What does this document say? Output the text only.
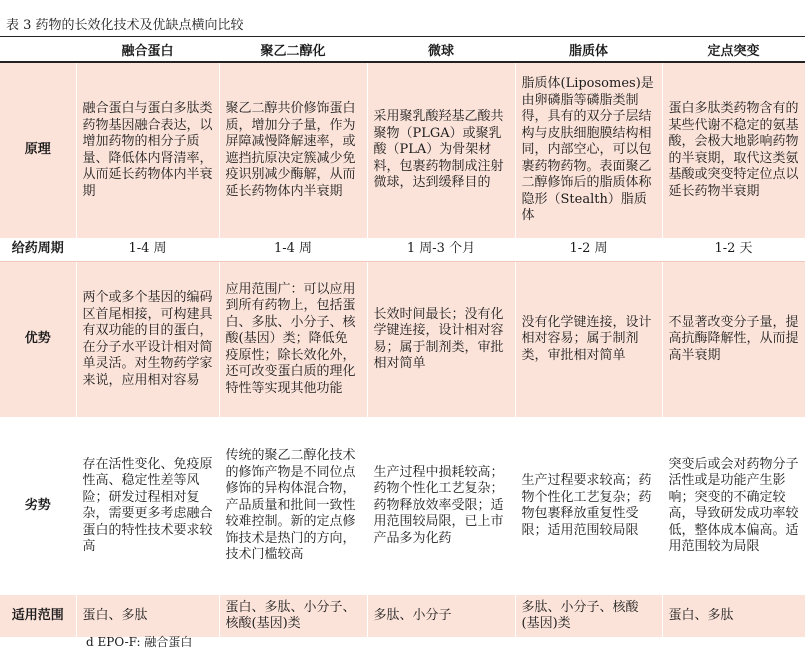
表 3 药物的长效化技术及优缺点横向比较
	融合蛋白	聚乙二醇化	微球	脂质体	定点突变
原理	融合蛋白与蛋白多肽类药物基因融合表达，以增加药物的相分子质量、降低体内肾清率，从而延长药物体内半衰期	聚乙二醇共价修饰蛋白质，增加分子量，作为屏障减慢降解速率，或遮挡抗原决定簇减少免疫识别减少酶解，从而延长药物体内半衰期	采用聚乳酸羟基乙酸共聚物（PLGA）或聚乳酸（PLA）为骨架材料，包裹药物制成注射微球，达到缓释目的	脂质体(Liposomes)是由卵磷脂等磷脂类制得，具有的双分子层结构与皮肤细胞膜结构相同，内部空心，可以包裹药物药物。表面聚乙二醇修饰后的脂质体称隐形（Stealth）脂质体	蛋白多肽类药物含有的某些代谢不稳定的氨基酸，会极大地影响药物的半衰期，取代这类氨基酸或突变特定位点以延长药物半衰期
给药周期	1-4 周	1-4 周	1 周-3 个月	1-2 周	1-2 天
优势	两个或多个基因的编码区首尾相接，可构建具有双功能的目的蛋白，在分子水平设计相对简单灵活。对生物药学家来说，应用相对容易	应用范围广：可以应用到所有药物上，包括蛋白、多肽、小分子、核酸(基因）类；降低免疫原性；除长效化外，还可改变蛋白质的理化特性等实现其他功能	长效时间最长；没有化学键连接，设计相对容易；属于制剂类，审批相对简单	没有化学键连接，设计相对容易；属于制剂类，审批相对简单	不显著改变分子量，提高抗酶降解性，从而提高半衰期
劣势	存在活性变化、免疫原性高、稳定性差等风险；研发过程相对复杂，需要更多考虑融合蛋白的特性技术要求较高	传统的聚乙二醇化技术的修饰产物是不同位点修饰的异构体混合物，产品质量和批间一致性较难控制。新的定点修饰技术是热门的方向，技术门槛较高	生产过程中损耗较高；药物个性化工艺复杂；药物释放效率受限；适用范围较局限，已上市产品多为化药	生产过程要求较高；药物个性化工艺复杂；药物包裹释放重复性受限；适用范围较局限	突变后或会对药物分子活性或是功能产生影响；突变的不确定较高，导致研发成功率较低，整体成本偏高。适用范围较为局限
适用范围	蛋白、多肽	蛋白、多肽、小分子、核酸(基因)类	多肽、小分子	多肽、小分子、核酸(基因)类	蛋白、多肽
d EPO-F: 融合蛋白
